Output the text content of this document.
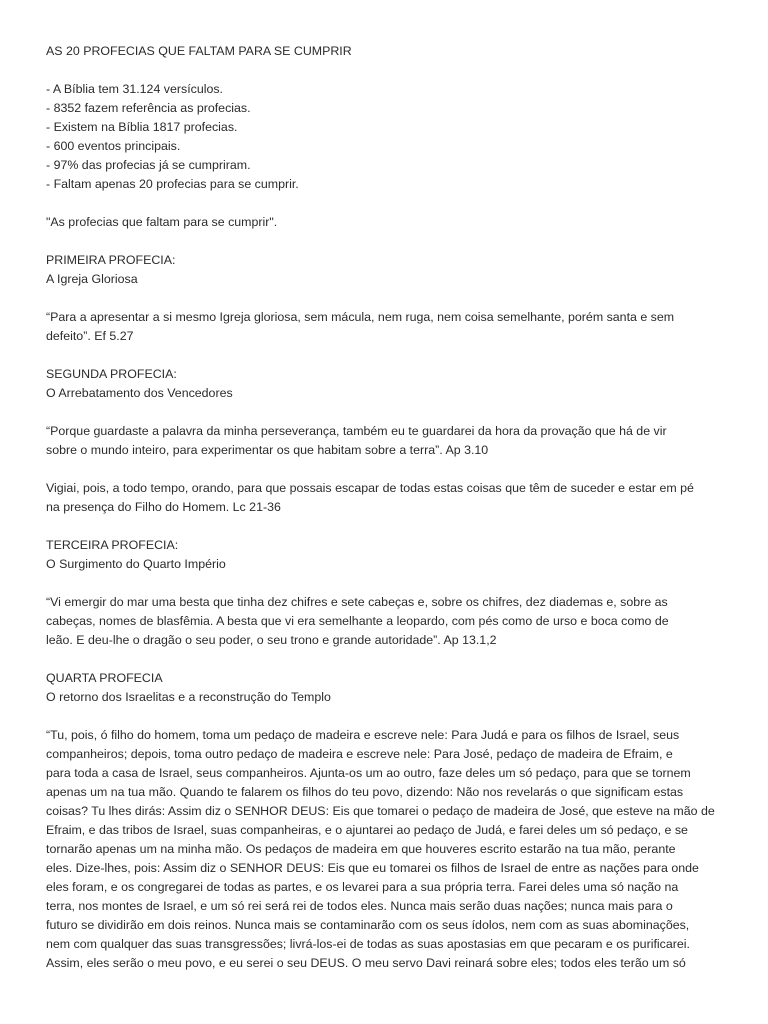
AS 20 PROFECIAS QUE FALTAM PARA SE CUMPRIR
- A Bíblia tem 31.124 versículos.
- 8352 fazem referência as profecias.
- Existem na Bíblia 1817 profecias.
- 600 eventos principais.
- 97% das profecias já se cumpriram.
- Faltam apenas 20 profecias para se cumprir.
"As profecias que faltam para se cumprir".
PRIMEIRA PROFECIA:
A Igreja Gloriosa
“Para a apresentar a si mesmo Igreja gloriosa, sem mácula, nem ruga, nem coisa semelhante, porém santa e sem
defeito”. Ef 5.27
SEGUNDA PROFECIA:
O Arrebatamento dos Vencedores
“Porque guardaste a palavra da minha perseverança, também eu te guardarei da hora da provação que há de vir
sobre o mundo inteiro, para experimentar os que habitam sobre a terra”. Ap 3.10
Vigiai, pois, a todo tempo, orando, para que possais escapar de todas estas coisas que têm de suceder e estar em pé
na presença do Filho do Homem. Lc 21-36
TERCEIRA PROFECIA:
O Surgimento do Quarto Império
“Vi emergir do mar uma besta que tinha dez chifres e sete cabeças e, sobre os chifres, dez diademas e, sobre as
cabeças, nomes de blasfêmia. A besta que vi era semelhante a leopardo, com pés como de urso e boca como de
leão. E deu-lhe o dragão o seu poder, o seu trono e grande autoridade”. Ap 13.1,2
QUARTA PROFECIA
O retorno dos Israelitas e a reconstrução do Templo
“Tu, pois, ó filho do homem, toma um pedaço de madeira e escreve nele: Para Judá e para os filhos de Israel, seus
companheiros; depois, toma outro pedaço de madeira e escreve nele: Para José, pedaço de madeira de Efraim, e
para toda a casa de Israel, seus companheiros. Ajunta-os um ao outro, faze deles um só pedaço, para que se tornem
apenas um na tua mão. Quando te falarem os filhos do teu povo, dizendo: Não nos revelarás o que significam estas
coisas? Tu lhes dirás: Assim diz o SENHOR DEUS: Eis que tomarei o pedaço de madeira de José, que esteve na mão de
Efraim, e das tribos de Israel, suas companheiras, e o ajuntarei ao pedaço de Judá, e farei deles um só pedaço, e se
tornarão apenas um na minha mão. Os pedaços de madeira em que houveres escrito estarão na tua mão, perante
eles. Dize-lhes, pois: Assim diz o SENHOR DEUS: Eis que eu tomarei os filhos de Israel de entre as nações para onde
eles foram, e os congregarei de todas as partes, e os levarei para a sua própria terra. Farei deles uma só nação na
terra, nos montes de Israel, e um só rei será rei de todos eles. Nunca mais serão duas nações; nunca mais para o
futuro se dividirão em dois reinos. Nunca mais se contaminarão com os seus ídolos, nem com as suas abominações,
nem com qualquer das suas transgressões; livrá-los-ei de todas as suas apostasias em que pecaram e os purificarei.
Assim, eles serão o meu povo, e eu serei o seu DEUS. O meu servo Davi reinará sobre eles; todos eles terão um só
